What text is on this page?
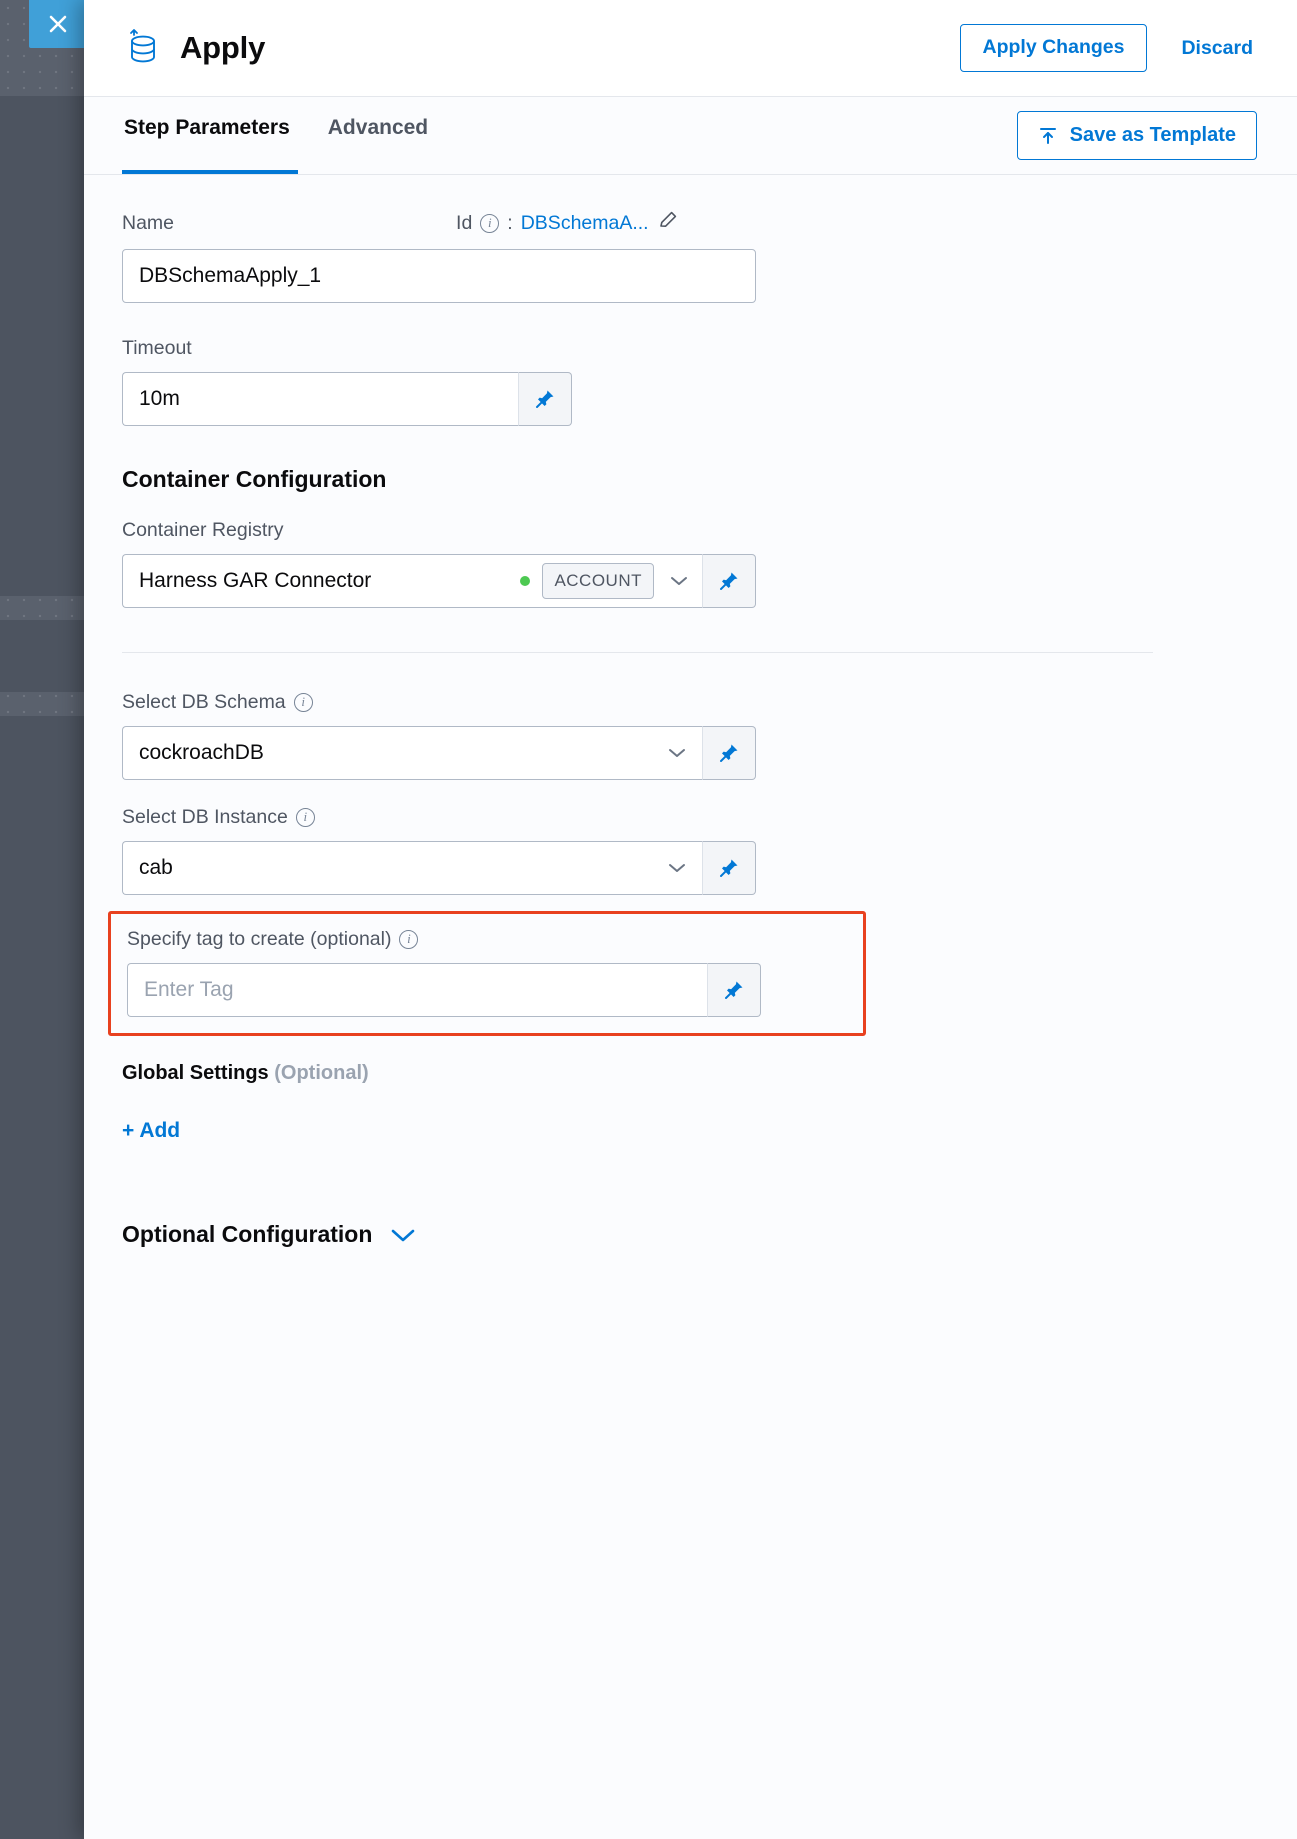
Apply	Apply Changes	Discard
Step Parameters Advanced	Save as Template
Name	Id	i : DBSchemaA...
DBSchemaApply_1
Timeout
10m
Container Configuration
Container Registry
Harness GAR Connector	ACCOUNT
Select DB Schema	i
cockroachDB
Select DB Instance	i
cab
Specify tag to create (optional)	i
Enter Tag
Global Settings (Optional)
+ Add
Optional Configuration
